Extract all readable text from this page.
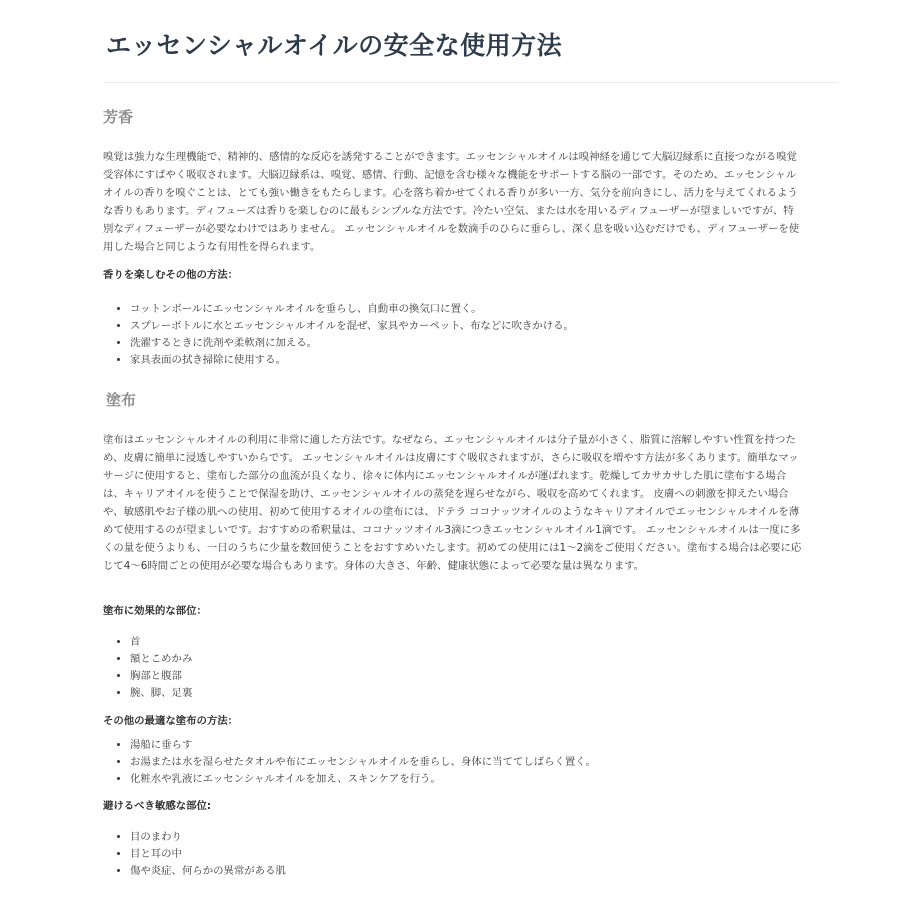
エッセンシャルオイルの安全な使用方法
芳香

嗅覚は強力な生理機能で、精神的、感情的な反応を誘発することができます。エッセンシャルオイルは嗅神経を通じて大脳辺縁系に直接つながる嗅覚受容体にすばやく吸収されます。大脳辺縁系は、嗅覚、感情、行動、記憶を含む様々な機能をサポートする脳の一部です。そのため、エッセンシャルオイルの香りを嗅ぐことは、とても強い働きをもたらします。心を落ち着かせてくれる香りが多い一方、気分を前向きにし、活力を与えてくれるような香りもあります。ディフューズは香りを楽しむのに最もシンプルな方法です。冷たい空気、または水を用いるディフューザーが望ましいですが、特別なディフューザーが必要なわけではありません。 エッセンシャルオイルを数滴手のひらに垂らし、深く息を吸い込むだけでも、ディフューザーを使用した場合と同じような有用性を得られます。

香りを楽しむその他の方法：

• コットンボールにエッセンシャルオイルを垂らし、自動車の換気口に置く。
• スプレーボトルに水とエッセンシャルオイルを混ぜ、家具やカーペット、布などに吹きかける。
• 洗濯するときに洗剤や柔軟剤に加える。
• 家具表面の拭き掃除に使用する。
塗布

塗布はエッセンシャルオイルの利用に非常に適した方法です。なぜなら、エッセンシャルオイルは分子量が小さく、脂質に溶解しやすい性質を持つため、皮膚に簡単に浸透しやすいからです。 エッセンシャルオイルは皮膚にすぐ吸収されますが、さらに吸収を増やす方法が多くあります。簡単なマッサージに使用すると、塗布した部分の血流が良くなり、徐々に体内にエッセンシャルオイルが運ばれます。乾燥してカサカサした肌に塗布する場合は、キャリアオイルを使うことで保湿を助け、エッセンシャルオイルの蒸発を遅らせながら、吸収を高めてくれます。 皮膚への刺激を抑えたい場合や、敏感肌やお子様の肌への使用、初めて使用するオイルの塗布には、ドテラ ココナッツオイルのようなキャリアオイルでエッセンシャルオイルを薄めて使用するのが望ましいです。おすすめの希釈量は、ココナッツオイル3滴につきエッセンシャルオイル1滴です。 エッセンシャルオイルは一度に多くの量を使うよりも、一日のうちに少量を数回使うことをおすすめいたします。初めての使用には1〜2滴をご使用ください。塗布する場合は必要に応じて4〜6時間ごとの使用が必要な場合もあります。身体の大きさ、年齢、健康状態によって必要な量は異なります。

塗布に効果的な部位：

• 首
• 額とこめかみ
• 胸部と腹部
• 腕、脚、足裏

その他の最適な塗布の方法：

• 湯船に垂らす
• お湯または水を湿らせたタオルや布にエッセンシャルオイルを垂らし、身体に当ててしばらく置く。
• 化粧水や乳液にエッセンシャルオイルを加え、スキンケアを行う。

避けるべき敏感な部位:

• 目のまわり
• 目と耳の中
• 傷や炎症、何らかの異常がある肌
